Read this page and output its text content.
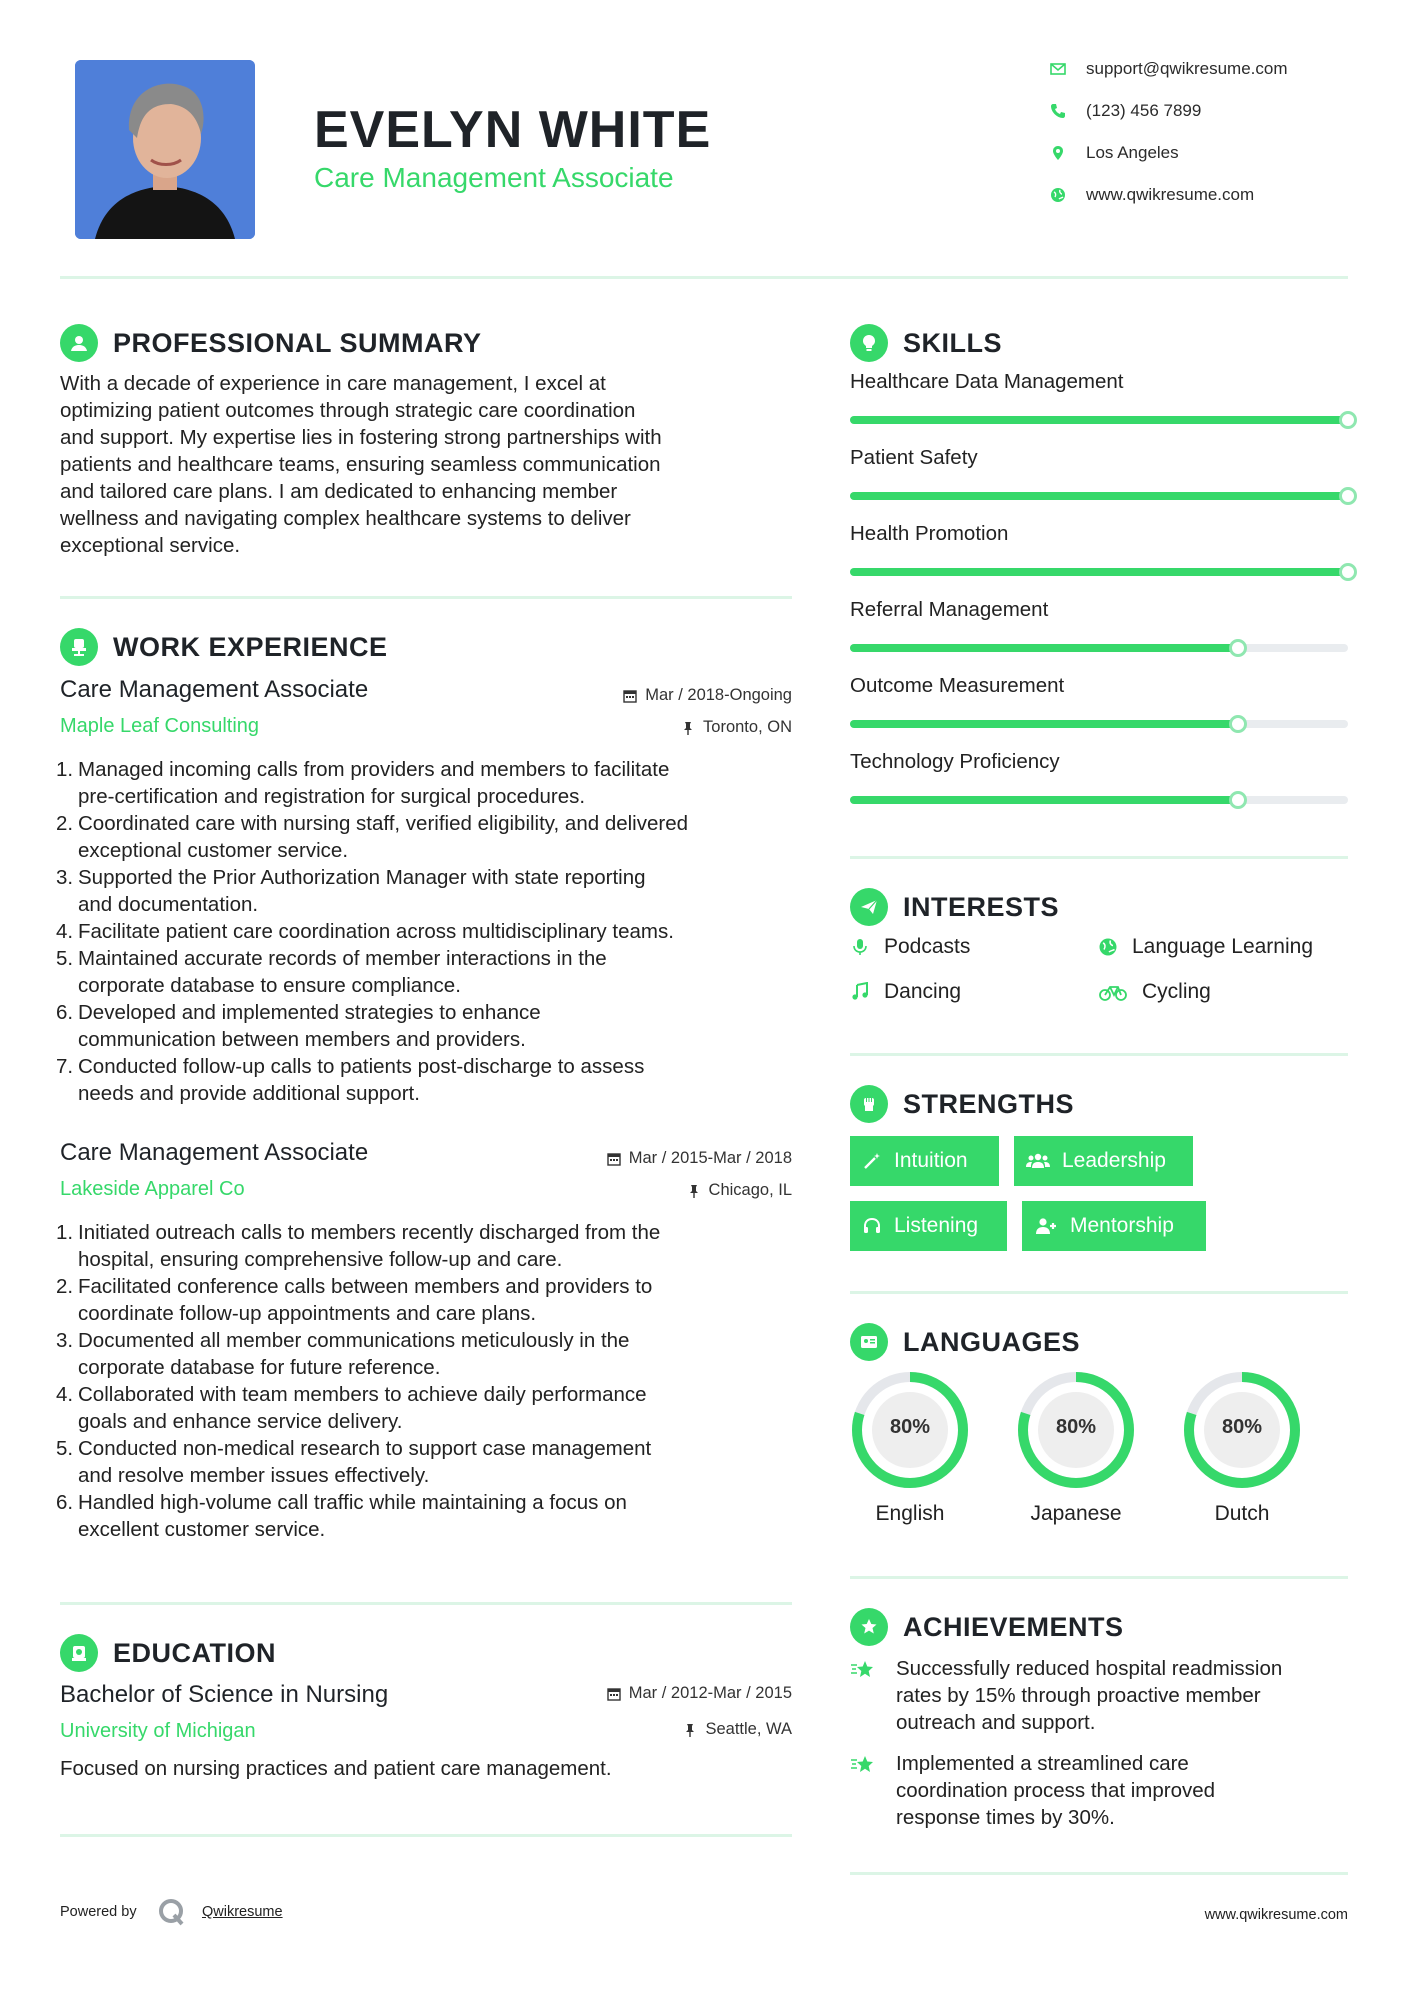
EVELYN WHITE
Care Management Associate
support@qwikresume.com
(123) 456 7899
Los Angeles
www.qwikresume.com
PROFESSIONAL SUMMARY
With a decade of experience in care management, I excel at
optimizing patient outcomes through strategic care coordination
and support. My expertise lies in fostering strong partnerships with
patients and healthcare teams, ensuring seamless communication
and tailored care plans. I am dedicated to enhancing member
wellness and navigating complex healthcare systems to deliver
exceptional service.
WORK EXPERIENCE
Care Management Associate	Mar / 2018-Ongoing
Maple Leaf Consulting	Toronto, ON
1. Managed incoming calls from providers and members to facilitate
pre-certification and registration for surgical procedures.
2. Coordinated care with nursing staff, verified eligibility, and delivered
exceptional customer service.
3. Supported the Prior Authorization Manager with state reporting
and documentation.
4. Facilitate patient care coordination across multidisciplinary teams.
5. Maintained accurate records of member interactions in the
corporate database to ensure compliance.
6. Developed and implemented strategies to enhance
communication between members and providers.
7. Conducted follow-up calls to patients post-discharge to assess
needs and provide additional support.
Care Management Associate	Mar / 2015-Mar / 2018
Lakeside Apparel Co	Chicago, IL
1. Initiated outreach calls to members recently discharged from the
hospital, ensuring comprehensive follow-up and care.
2. Facilitated conference calls between members and providers to
coordinate follow-up appointments and care plans.
3. Documented all member communications meticulously in the
corporate database for future reference.
4. Collaborated with team members to achieve daily performance
goals and enhance service delivery.
5. Conducted non-medical research to support case management
and resolve member issues effectively.
6. Handled high-volume call traffic while maintaining a focus on
excellent customer service.
EDUCATION
Bachelor of Science in Nursing	Mar / 2012-Mar / 2015
University of Michigan	Seattle, WA
Focused on nursing practices and patient care management.
Powered by	Qwikresume	www.qwikresume.com
SKILLS
Healthcare Data Management
Patient Safety
Health Promotion
Referral Management
Outcome Measurement
Technology Proficiency
INTERESTS
Podcasts	Language Learning
Dancing	Cycling
STRENGTHS
Intuition	Leadership
Listening	Mentorship
LANGUAGES
80%
English
80%
Japanese
80%
Dutch
ACHIEVEMENTS
Successfully reduced hospital readmission
rates by 15% through proactive member
outreach and support.
Implemented a streamlined care
coordination process that improved
response times by 30%.
